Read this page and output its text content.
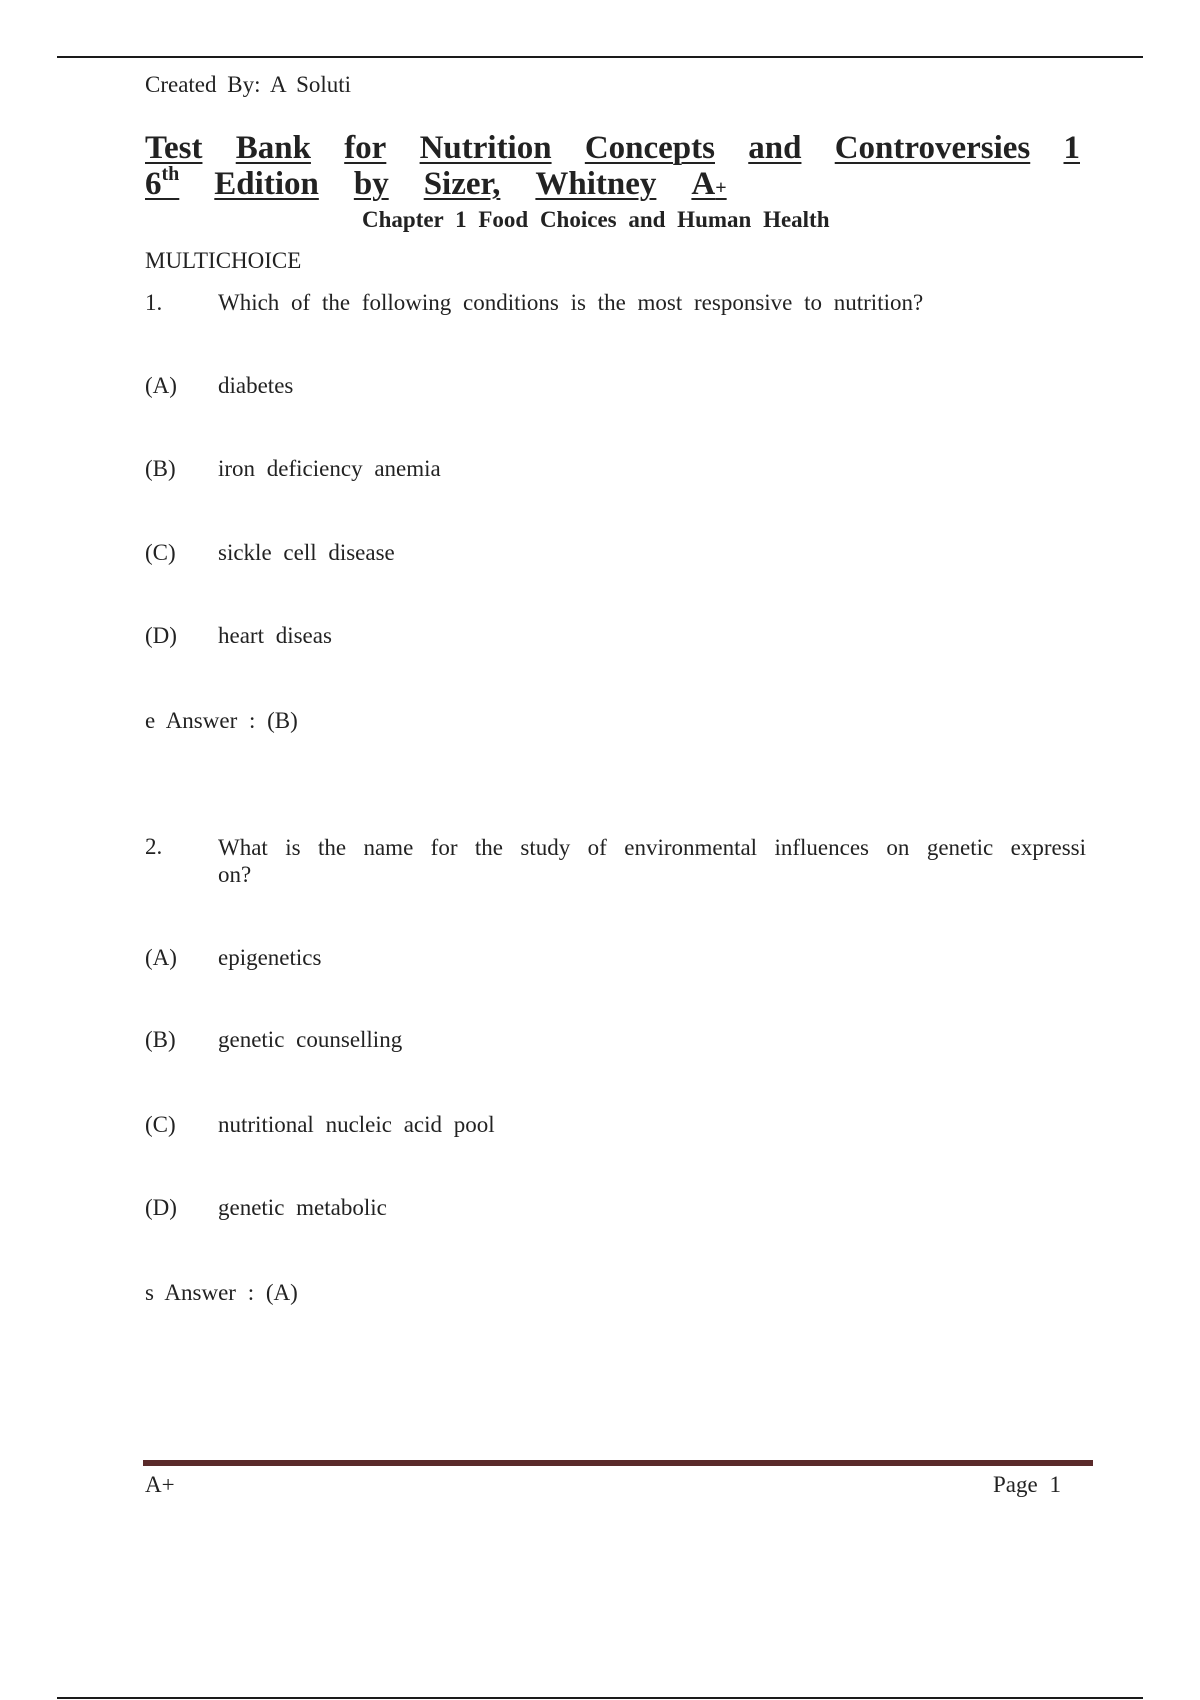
Created By: A Soluti
Test Bank for Nutrition Concepts and Controversies 1
6th Edition by Sizer, Whitney A+
Chapter 1 Food Choices and Human Health
MULTICHOICE
1. Which of the following conditions is the most responsive to nutrition?
(A) diabetes
(B) iron deficiency anemia
(C) sickle cell disease
(D) heart diseas
e Answer : (B)
2. What is the name for the study of environmental influences on genetic expressi
on?
(A) epigenetics
(B) genetic counselling
(C) nutritional nucleic acid pool
(D) genetic metabolic
s Answer : (A)
A+	Page 1
